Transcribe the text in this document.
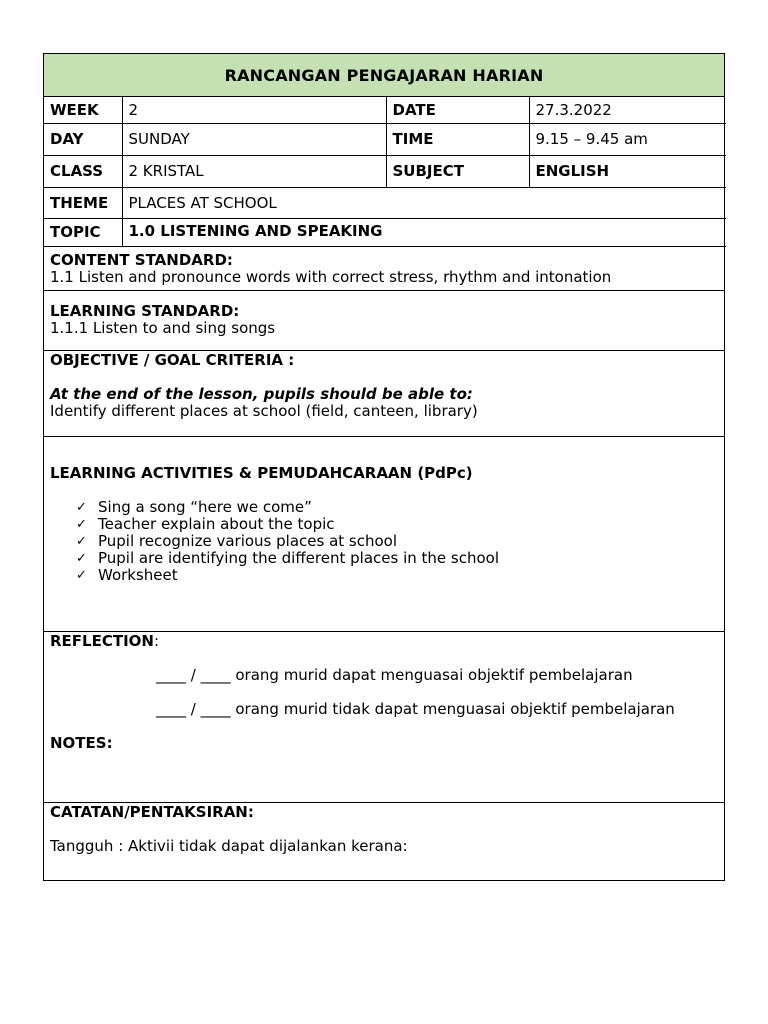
RANCANGAN PENGAJARAN HARIAN
WEEK	2	DATE	27.3.2022
DAY	SUNDAY	TIME	9.15 – 9.45 am
CLASS	2 KRISTAL	SUBJECT	ENGLISH
THEME	PLACES AT SCHOOL		
TOPIC	1.0 LISTENING AND SPEAKING		
CONTENT STANDARD:
1.1 Listen and pronounce words with correct stress, rhythm and intonation
LEARNING STANDARD:
1.1.1 Listen to and sing songs
OBJECTIVE / GOAL CRITERIA :
At the end of the lesson, pupils should be able to:
Identify different places at school (field, canteen, library)
LEARNING ACTIVITIES & PEMUDAHCARAAN (PdPc)
✓ Sing a song “here we come”
✓ Teacher explain about the topic
✓ Pupil recognize various places at school
✓ Pupil are identifying the different places in the school
✓ Worksheet
REFLECTION:
____ / ____ orang murid dapat menguasai objektif pembelajaran
____ / ____ orang murid tidak dapat menguasai objektif pembelajaran
NOTES:
CATATAN/PENTAKSIRAN:
Tangguh : Aktivii tidak dapat dijalankan kerana:
